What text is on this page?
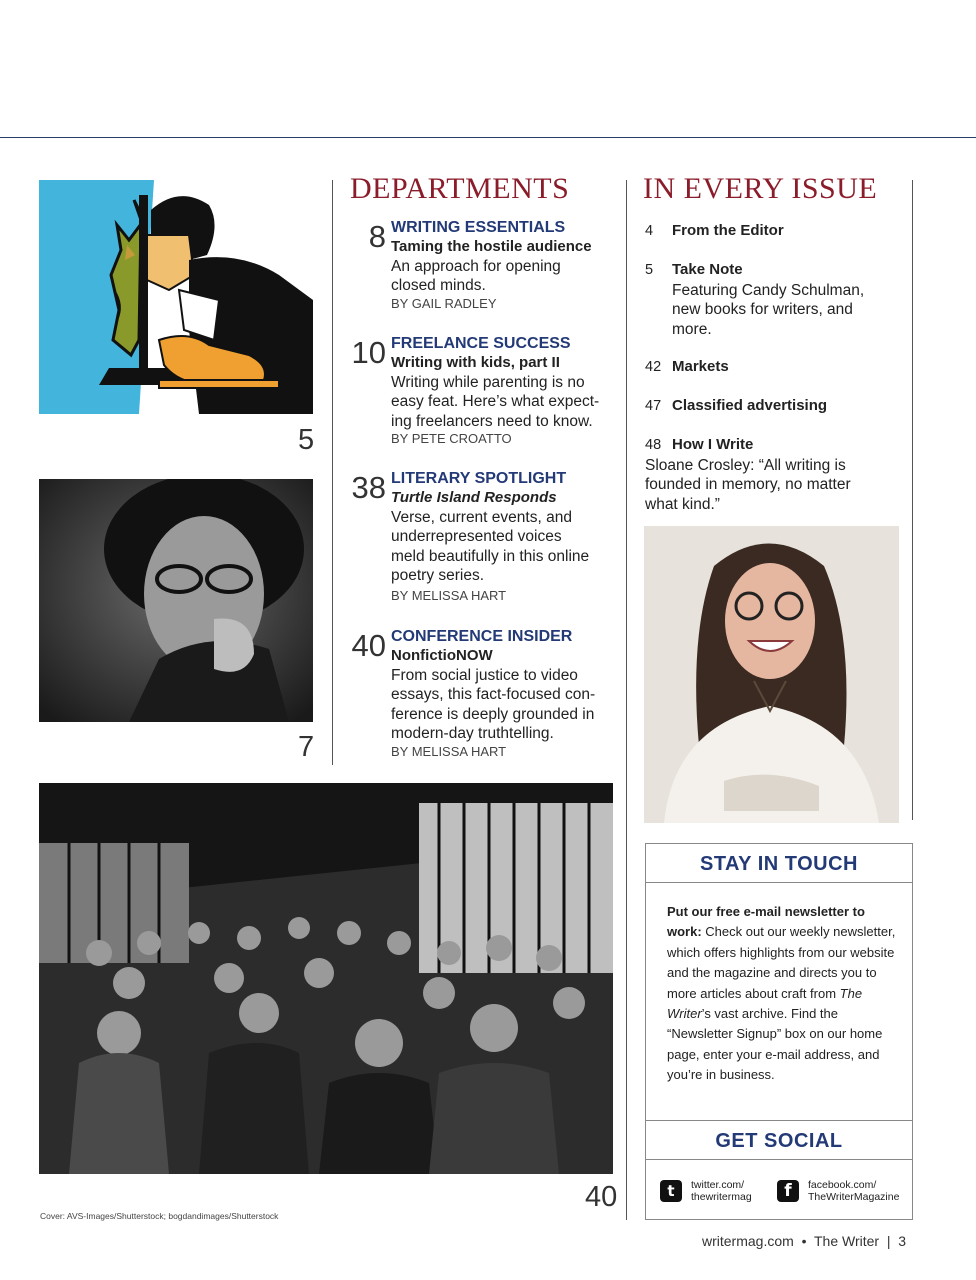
5
7
40
DEPARTMENTS
8 WRITING ESSENTIALS
Taming the hostile audience
An approach for opening closed minds.
BY GAIL RADLEY
10 FREELANCE SUCCESS
Writing with kids, part II
Writing while parenting is no easy feat. Here’s what expect-ing freelancers need to know.
BY PETE CROATTO
38 LITERARY SPOTLIGHT
Turtle Island Responds
Verse, current events, and underrepresented voices meld beautifully in this online poetry series.
BY MELISSA HART
40 CONFERENCE INSIDER
NonfictioNOW
From social justice to video essays, this fact-focused con-ference is deeply grounded in modern-day truthtelling.
BY MELISSA HART
IN EVERY ISSUE
4 From the Editor
5 Take Note
Featuring Candy Schulman, new books for writers, and more.
42 Markets
47 Classified advertising
48 How I Write
Sloane Crosley: “All writing is founded in memory, no matter what kind.”
STAY IN TOUCH
Put our free e-mail newsletter to work: Check out our weekly newsletter, which offers highlights from our website and the magazine and directs you to more articles about craft from The Writer’s vast archive. Find the “Newsletter Signup” box on our home page, enter your e-mail address, and you’re in business.
GET SOCIAL
t	twitter.com/
thewritermag	f	facebook.com/
TheWriterMagazine
Cover: AVS-Images/Shutterstock; bogdandimages/Shutterstock
writermag.com  •  The Writer  |  3
